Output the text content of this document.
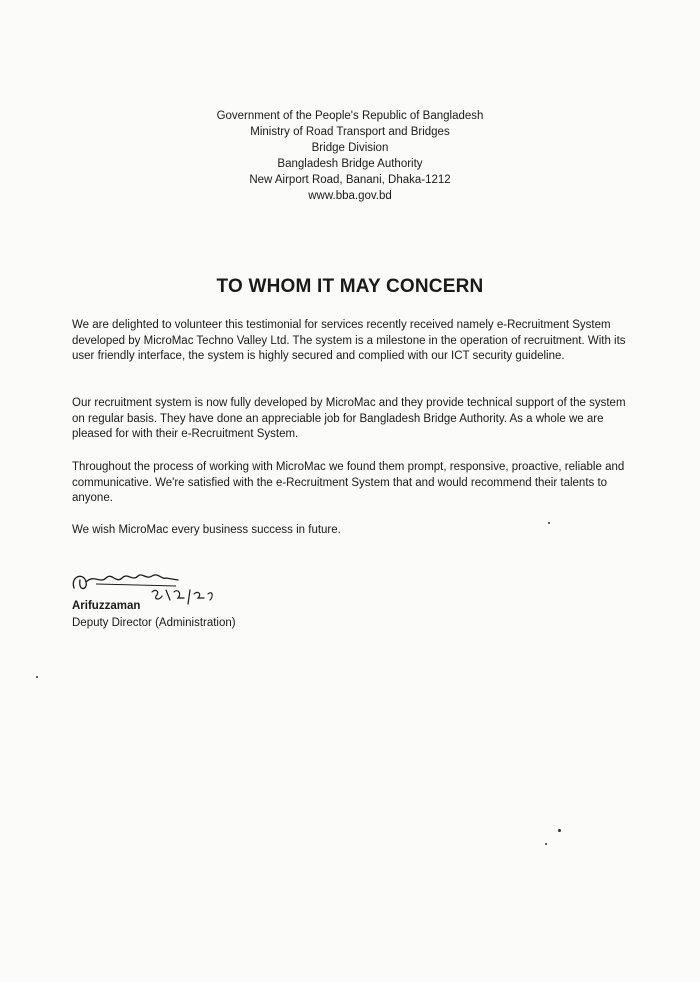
Government of the People's Republic of Bangladesh
Ministry of Road Transport and Bridges
Bridge Division
Bangladesh Bridge Authority
New Airport Road, Banani, Dhaka-1212
www.bba.gov.bd
TO WHOM IT MAY CONCERN
We are delighted to volunteer this testimonial for services recently received namely e-Recruitment System developed by MicroMac Techno Valley Ltd. The system is a milestone in the operation of recruitment. With its user friendly interface, the system is highly secured and complied with our ICT security guideline.
Our recruitment system is now fully developed by MicroMac and they provide technical support of the system on regular basis. They have done an appreciable job for Bangladesh Bridge Authority. As a whole we are pleased for with their e-Recruitment System.
Throughout the process of working with MicroMac we found them prompt, responsive, proactive, reliable and communicative. We're satisfied with the e-Recruitment System that and would recommend their talents to anyone.
We wish MicroMac every business success in future.
Arifuzzaman
Deputy Director (Administration)
